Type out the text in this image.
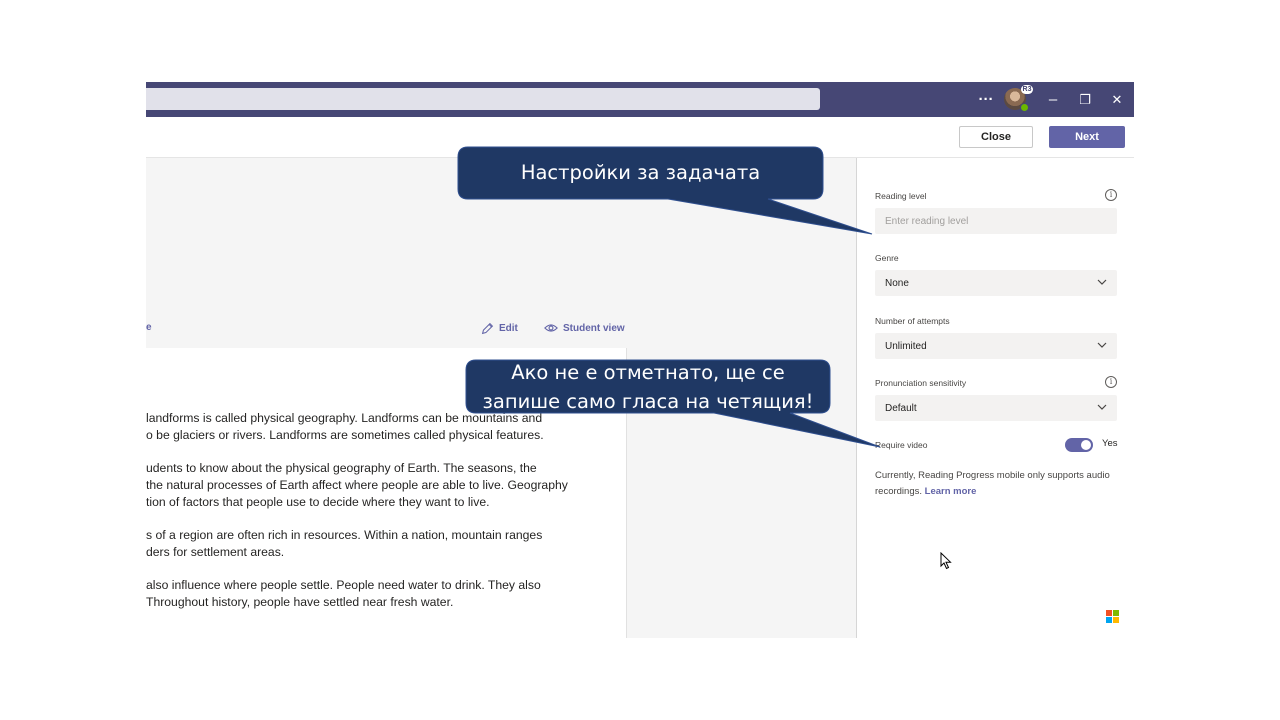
···
R3
–	❐	✕
Close	Next
e	Edit	Student view
landforms is called physical geography. Landforms can be mountains and
o be glaciers or rivers. Landforms are sometimes called physical features.
udents to know about the physical geography of Earth. The seasons, the
the natural processes of Earth affect where people are able to live. Geography
tion of factors that people use to decide where they want to live.
s of a region are often rich in resources. Within a nation, mountain ranges
ders for settlement areas.
also influence where people settle. People need water to drink. They also
Throughout history, people have settled near fresh water.
Reading level	i
Enter reading level
Genre
None
Number of attempts
Unlimited
Pronunciation sensitivity	i
Default
Require video	Yes
Currently, Reading Progress mobile only supports audio recordings. Learn more
Настройки за задачата
Ако не е отметнато, ще се
запише само гласа на четящия!
